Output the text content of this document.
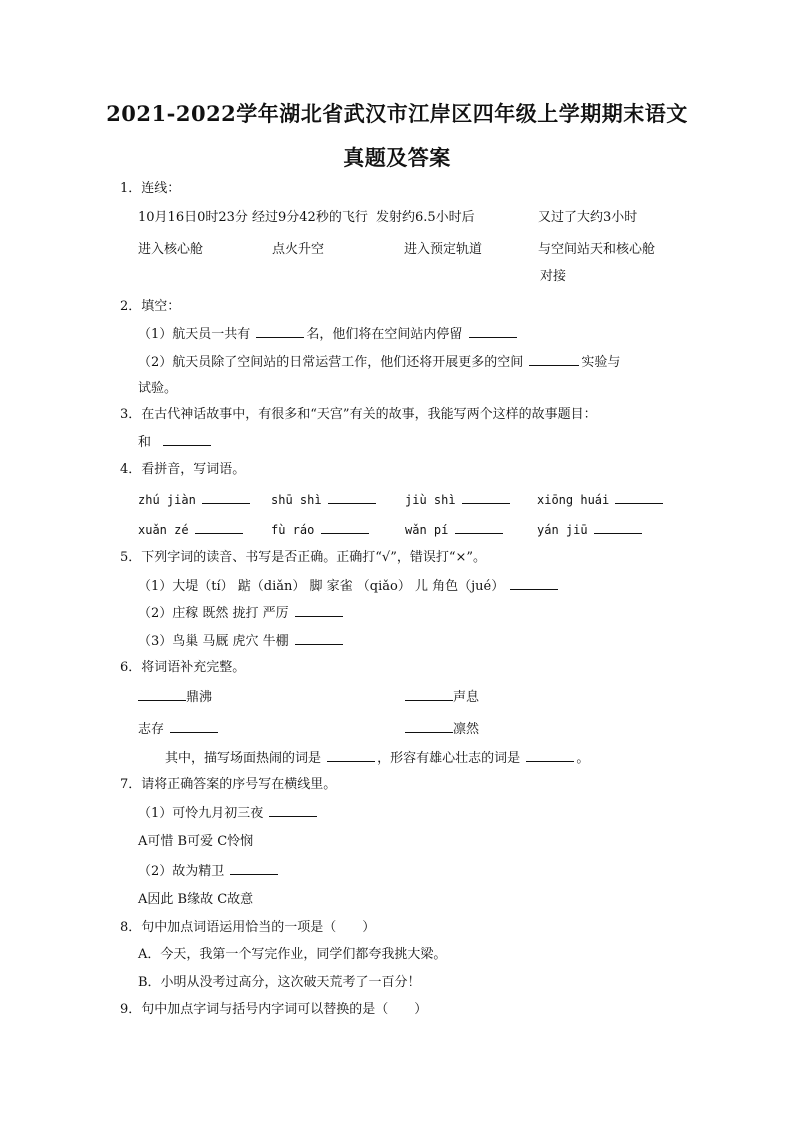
2021-2022学年湖北省武汉市江岸区四年级上学期期末语文
真题及答案
1．连线：
10月16日0时23分 经过9分42秒的飞行 发射约6.5小时后	又过了大约3小时
进入核心舱	点火升空	进入预定轨道	与空间站天和核心舱
对接
2．填空：
（1）航天员一共有	名，他们将在空间站内停留
（2）航天员除了空间站的日常运营工作，他们还将开展更多的空间	实验与
试验。
3．在古代神话故事中，有很多和“天宫”有关的故事，我能写两个这样的故事题目：
和
4．看拼音，写词语。
zhú jiàn	shū shì	jiù shì	xiōng huái
xuǎn zé	fù ráo	wǎn pí	yán jiū
5．下列字词的读音、书写是否正确。正确打“√”，错误打“×”。
（1）大堤（tí） 踮（diǎn） 脚 家雀 （qiǎo） 儿 角色（jué）
（2）庄稼 既然 拢打 严厉
（3）鸟巢 马厩 虎穴 牛棚
6．将词语补充完整。
鼎沸	声息
志存	凛然
其中，描写场面热闹的词是	，形容有雄心壮志的词是	。
7．请将正确答案的序号写在横线里。
（1）可怜九月初三夜
A可惜 B可爱 C怜悯
（2）故为精卫
A因此 B缘故 C故意
8．句中加点词语运用恰当的一项是（　　）
A．今天，我第一个写完作业，同学们都夸我挑大梁。
B．小明从没考过高分，这次破天荒考了一百分！
9．句中加点字词与括号内字词可以替换的是（　　）
